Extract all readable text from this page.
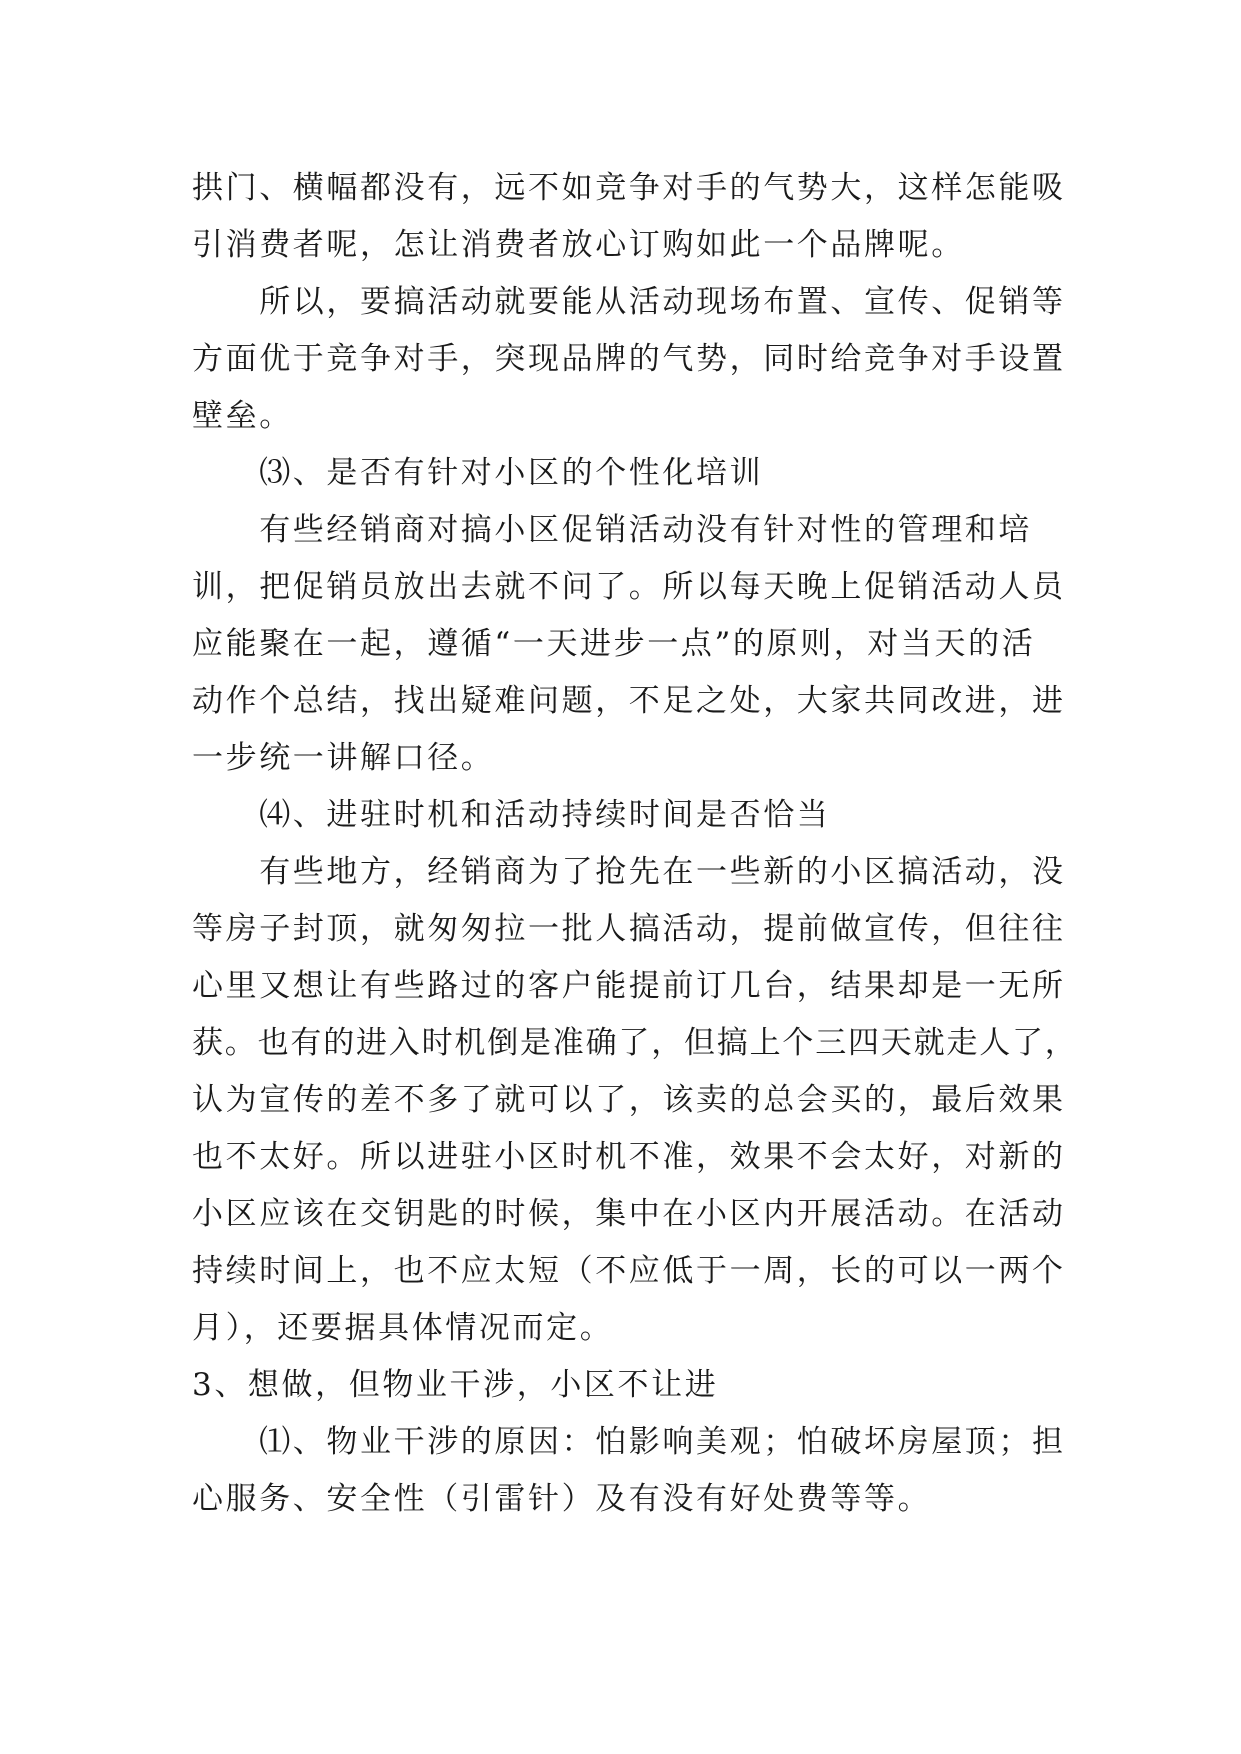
拱门、横幅都没有，远不如竞争对手的气势大，这样怎能吸
引消费者呢，怎让消费者放心订购如此一个品牌呢。
　　所以，要搞活动就要能从活动现场布置、宣传、促销等
方面优于竞争对手，突现品牌的气势，同时给竞争对手设置
壁垒。
　　⑶、是否有针对小区的个性化培训
　　有些经销商对搞小区促销活动没有针对性的管理和培
训，把促销员放出去就不问了。所以每天晚上促销活动人员
应能聚在一起，遵循“一天进步一点”的原则，对当天的活
动作个总结，找出疑难问题，不足之处，大家共同改进，进
一步统一讲解口径。
　　⑷、进驻时机和活动持续时间是否恰当
　　有些地方，经销商为了抢先在一些新的小区搞活动，没
等房子封顶，就匆匆拉一批人搞活动，提前做宣传，但往往
心里又想让有些路过的客户能提前订几台，结果却是一无所
获。也有的进入时机倒是准确了，但搞上个三四天就走人了，
认为宣传的差不多了就可以了，该卖的总会买的，最后效果
也不太好。所以进驻小区时机不准，效果不会太好，对新的
小区应该在交钥匙的时候，集中在小区内开展活动。在活动
持续时间上，也不应太短（不应低于一周，长的可以一两个
月），还要据具体情况而定。
3、想做，但物业干涉，小区不让进
　　⑴、物业干涉的原因：怕影响美观；怕破坏房屋顶；担
心服务、安全性（引雷针）及有没有好处费等等。
